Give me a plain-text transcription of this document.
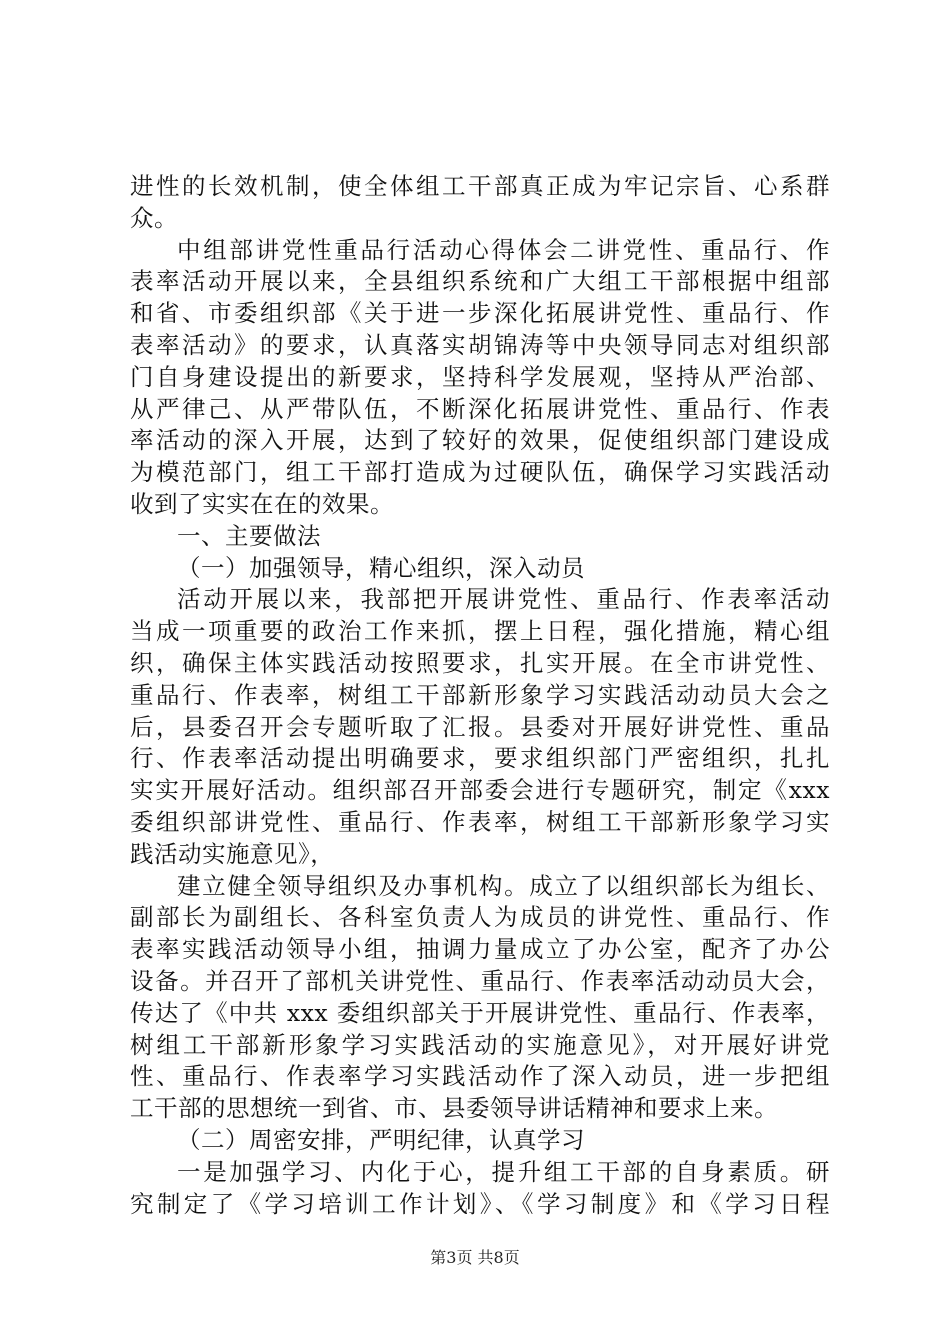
进性的长效机制，使全体组工干部真正成为牢记宗旨、心系群
众。
中组部讲党性重品行活动心得体会二讲党性、重品行、作
表率活动开展以来，全县组织系统和广大组工干部根据中组部
和省、市委组织部《关于进一步深化拓展讲党性、重品行、作
表率活动》的要求，认真落实胡锦涛等中央领导同志对组织部
门自身建设提出的新要求，坚持科学发展观，坚持从严治部、
从严律己、从严带队伍，不断深化拓展讲党性、重品行、作表
率活动的深入开展，达到了较好的效果，促使组织部门建设成
为模范部门，组工干部打造成为过硬队伍，确保学习实践活动
收到了实实在在的效果。
一、主要做法
（一）加强领导，精心组织，深入动员
活动开展以来，我部把开展讲党性、重品行、作表率活动
当成一项重要的政治工作来抓，摆上日程，强化措施，精心组
织，确保主体实践活动按照要求，扎实开展。在全市讲党性、
重品行、作表率，树组工干部新形象学习实践活动动员大会之
后，县委召开会专题听取了汇报。县委对开展好讲党性、重品
行、作表率活动提出明确要求，要求组织部门严密组织，扎扎
实实开展好活动。组织部召开部委会进行专题研究，制定《xxx
委组织部讲党性、重品行、作表率，树组工干部新形象学习实
践活动实施意见》，
建立健全领导组织及办事机构。成立了以组织部长为组长、
副部长为副组长、各科室负责人为成员的讲党性、重品行、作
表率实践活动领导小组，抽调力量成立了办公室，配齐了办公
设备。并召开了部机关讲党性、重品行、作表率活动动员大会，
传达了《中共 xxx 委组织部关于开展讲党性、重品行、作表率，
树组工干部新形象学习实践活动的实施意见》，对开展好讲党
性、重品行、作表率学习实践活动作了深入动员，进一步把组
工干部的思想统一到省、市、县委领导讲话精神和要求上来。
（二）周密安排，严明纪律，认真学习
一是加强学习、内化于心，提升组工干部的自身素质。研
究制定了《学习培训工作计划》、《学习制度》和《学习日程
第3页 共8页
